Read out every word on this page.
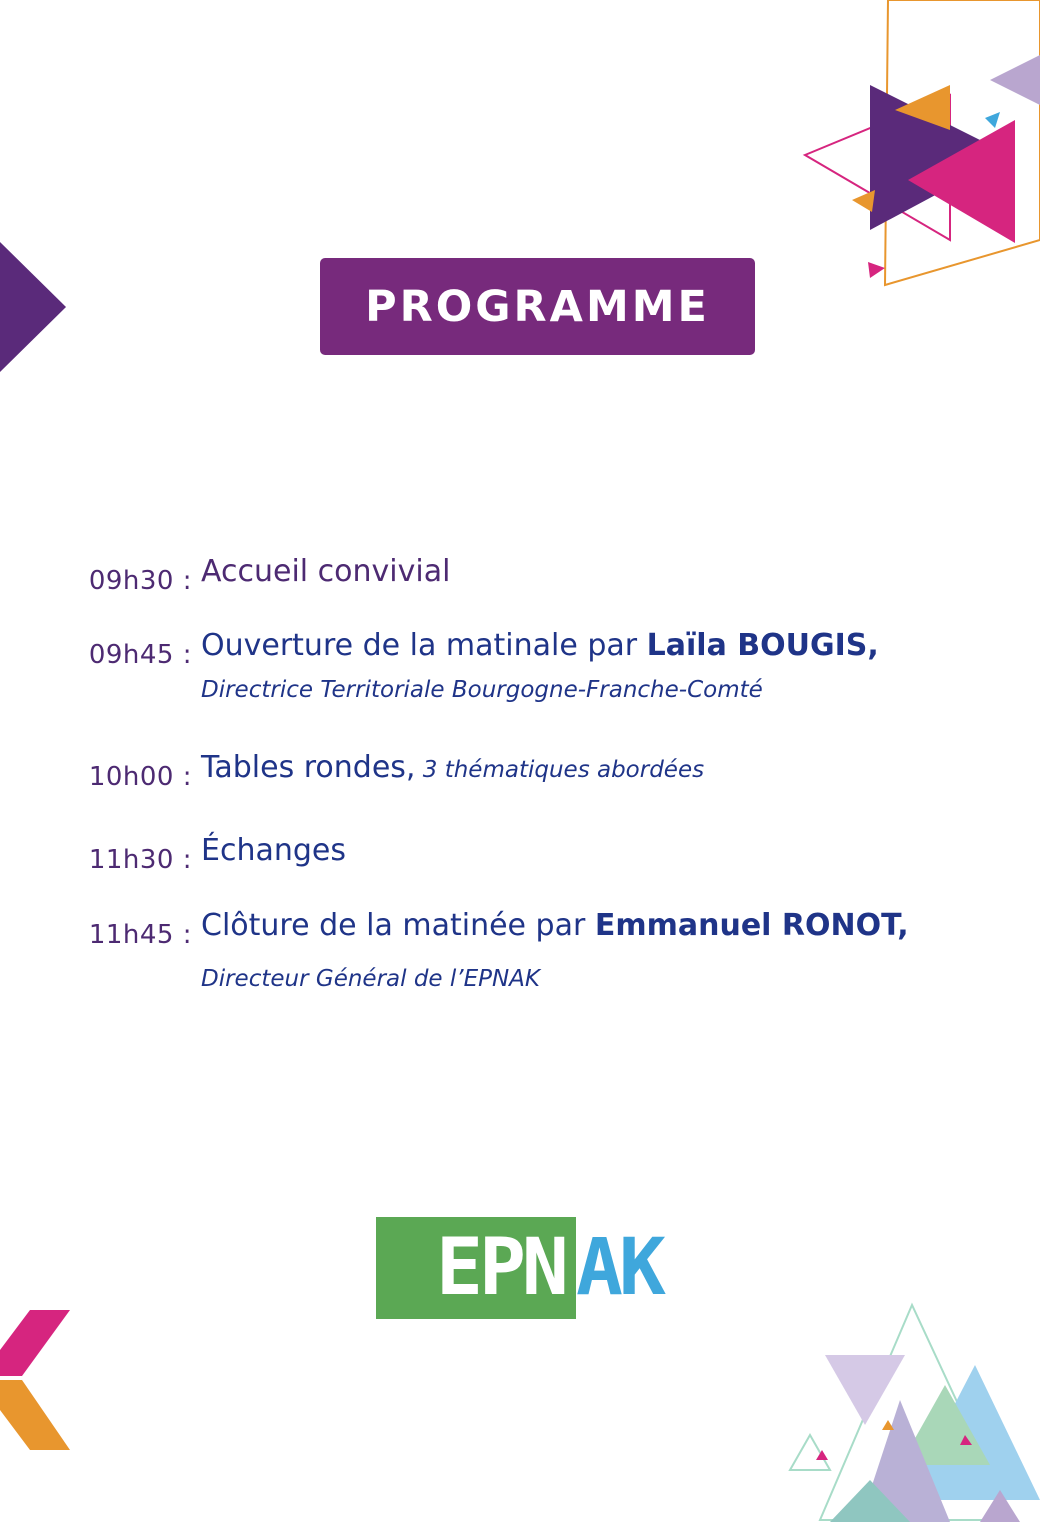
PROGRAMME
09h30 : Accueil convivial
09h45 : Ouverture de la matinale par Laïla BOUGIS,
Directrice Territoriale Bourgogne-Franche-Comté
10h00 : Tables rondes, 3 thématiques abordées
11h30 : Échanges
11h45 : Clôture de la matinée par Emmanuel RONOT,
Directeur Général de l’EPNAK
EPN AK
